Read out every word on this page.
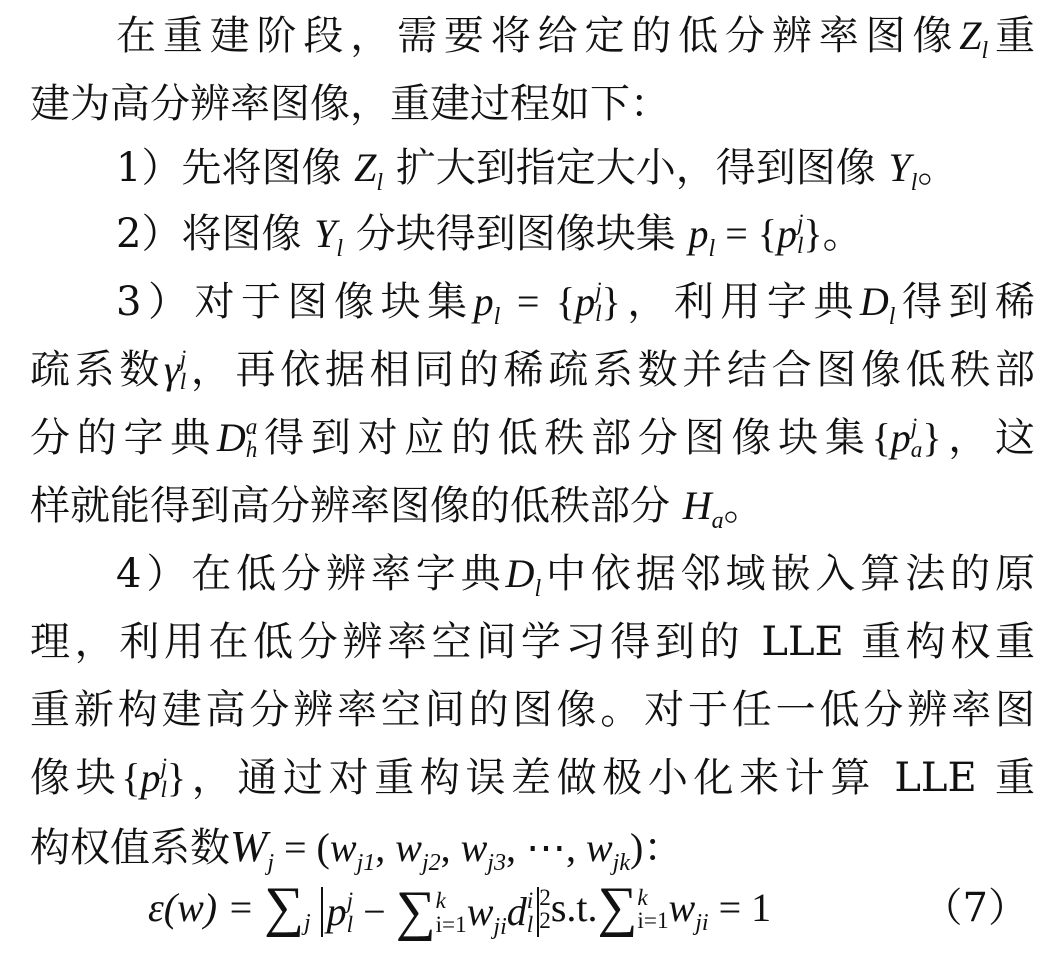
在重建阶段，需要将给定的低分辨率图像$Z_l$重
建为高分辨率图像，重建过程如下：
1）先将图像 $Z_l$ 扩大到指定大小，得到图像 $Y_l$。
2）将图像 $Y_l$ 分块得到图像块集 $p_l = \{p$ j
l }。
3）对于图像块集$p_l = \{p$ j
l }，利用字典$D_l$得到稀
疏系数γ j
l ，再依据相同的稀疏系数并结合图像低秩部
分的字典D a
h 得到对应的低秩部分图像块集{p j
a }，这
样就能得到高分辨率图像的低秩部分 $H_a$。
4）在低分辨率字典$D_l$中依据邻域嵌入算法的原
理，利用在低分辨率空间学习得到的 LLE 重构权重
重新构建高分辨率空间的图像。对于任一低分辨率图
像块{p j
l }，通过对重构误差做极小化来计算 LLE 重
构权值系数$W_j = (w_{j1}$, $w_{j2}$, $w_{j3}$, ⋯, $w_{jk}$)：
$\varepsilon(w) = \sum_j$ p j
l − ∑ k
i=1 $w_{ji}d$ i
l
2
2 s.t.∑ k
i=1 $w_{ji} = 1$	（7）
